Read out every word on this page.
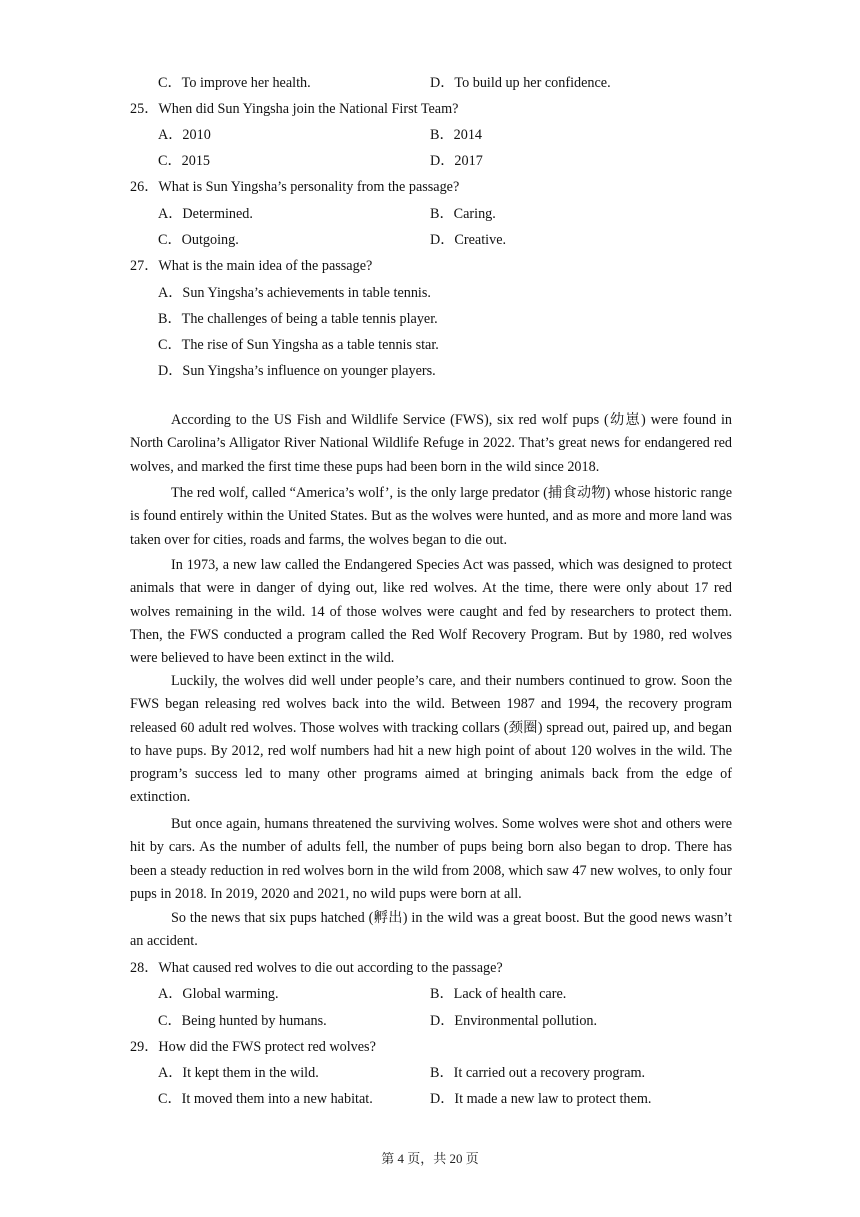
C．To improve her health.	D．To build up her confidence.
25．When did Sun Yingsha join the National First Team?
A．2010	B．2014
C．2015	D．2017
26．What is Sun Yingsha’s personality from the passage?
A．Determined.	B．Caring.
C．Outgoing.	D．Creative.
27．What is the main idea of the passage?
A．Sun Yingsha’s achievements in table tennis.
B．The challenges of being a table tennis player.
C．The rise of Sun Yingsha as a table tennis star.
D．Sun Yingsha’s influence on younger players.
According to the US Fish and Wildlife Service (FWS), six red wolf pups (幼崽) were found in North Carolina’s Alligator River National Wildlife Refuge in 2022. That’s great news for endangered red wolves, and marked the first time these pups had been born in the wild since 2018.
The red wolf, called “America’s wolf’, is the only large predator (捕食动物) whose historic range is found entirely within the United States. But as the wolves were hunted, and as more and more land was taken over for cities, roads and farms, the wolves began to die out.
In 1973, a new law called the Endangered Species Act was passed, which was designed to protect animals that were in danger of dying out, like red wolves. At the time, there were only about 17 red wolves remaining in the wild. 14 of those wolves were caught and fed by researchers to protect them. Then, the FWS conducted a program called the Red Wolf Recovery Program. But by 1980, red wolves were believed to have been extinct in the wild.
Luckily, the wolves did well under people’s care, and their numbers continued to grow. Soon the FWS began releasing red wolves back into the wild. Between 1987 and 1994, the recovery program released 60 adult red wolves. Those wolves with tracking collars (颈圈) spread out, paired up, and began to have pups. By 2012, red wolf numbers had hit a new high point of about 120 wolves in the wild. The program’s success led to many other programs aimed at bringing animals back from the edge of extinction.
But once again, humans threatened the surviving wolves. Some wolves were shot and others were hit by cars. As the number of adults fell, the number of pups being born also began to drop. There has been a steady reduction in red wolves born in the wild from 2008, which saw 47 new wolves, to only four pups in 2018. In 2019, 2020 and 2021, no wild pups were born at all.
So the news that six pups hatched (孵出) in the wild was a great boost. But the good news wasn’t an accident.
28．What caused red wolves to die out according to the passage?
A．Global warming.	B．Lack of health care.
C．Being hunted by humans.	D．Environmental pollution.
29．How did the FWS protect red wolves?
A．It kept them in the wild.	B．It carried out a recovery program.
C．It moved them into a new habitat.	D．It made a new law to protect them.
第 4 页，共 20 页
